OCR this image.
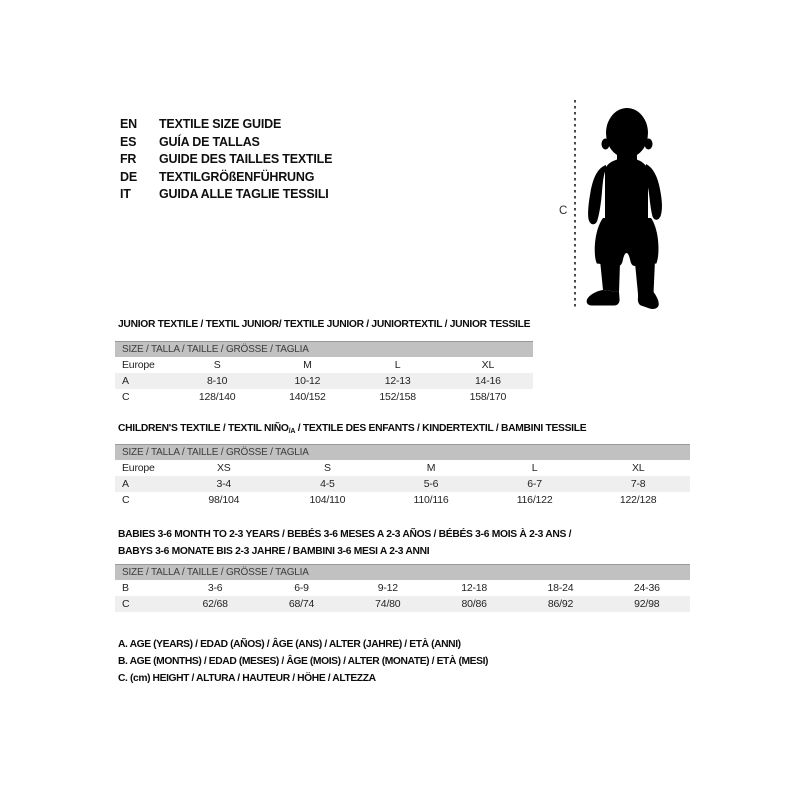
EN	TEXTILE SIZE GUIDE
ES	GUÍA DE TALLAS
FR	GUIDE DES TAILLES TEXTILE
DE	TEXTILGRÖßENFÜHRUNG
IT	GUIDA ALLE TAGLIE TESSILI
C
JUNIOR TEXTILE / TEXTIL JUNIOR/ TEXTILE JUNIOR / JUNIORTEXTIL / JUNIOR TESSILE
SIZE / TALLA / TAILLE / GRÖSSE / TAGLIA
Europe	S	M	L	XL
A	8-10	10-12	12-13	14-16
C	128/140	140/152	152/158	158/170
CHILDREN'S TEXTILE / TEXTIL $NIÑO_{/A}$ / TEXTILE DES ENFANTS / KINDERTEXTIL / BAMBINI TESSILE
SIZE / TALLA / TAILLE / GRÖSSE / TAGLIA
Europe	XS	S	M	L	XL
A	3-4	4-5	5-6	6-7	7-8
C	98/104	104/110	110/116	116/122	122/128
BABIES 3-6 MONTH TO 2-3 YEARS / BEBÉS 3-6 MESES A 2-3 AÑOS / BÉBÉS 3-6 MOIS À 2-3 ANS /
BABYS 3-6 MONATE BIS 2-3 JAHRE / BAMBINI 3-6 MESI A 2-3 ANNI
SIZE / TALLA / TAILLE / GRÖSSE / TAGLIA
B	3-6	6-9	9-12	12-18	18-24	24-36
C	62/68	68/74	74/80	80/86	86/92	92/98
A. AGE (YEARS) / EDAD (AÑOS) / ÂGE (ANS) / ALTER (JAHRE) / ETÀ (ANNI)
B. AGE (MONTHS) / EDAD (MESES) / ÂGE (MOIS) / ALTER (MONATE) / ETÀ (MESI)
C. (cm) HEIGHT / ALTURA / HAUTEUR / HÖHE / ALTEZZA
